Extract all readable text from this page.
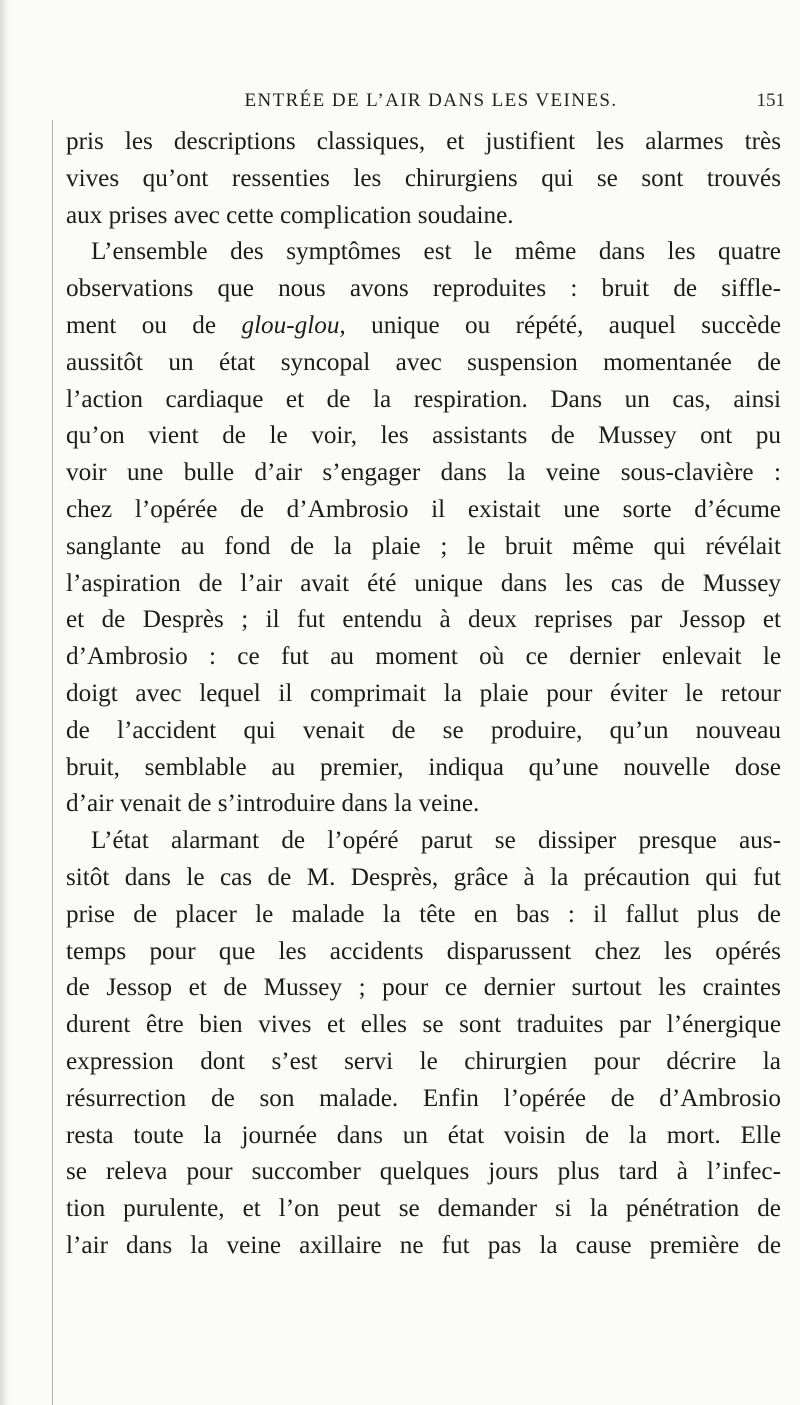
ENTRÉE DE L’AIR DANS LES VEINES.	151
pris les descriptions classiques, et justifient les alarmes très
vives qu’ont ressenties les chirurgiens qui se sont trouvés
aux prises avec cette complication soudaine.
L’ensemble des symptômes est le même dans les quatre
observations que nous avons reproduites : bruit de siffle-
ment ou de glou-glou, unique ou répété, auquel succède
aussitôt un état syncopal avec suspension momentanée de
l’action cardiaque et de la respiration. Dans un cas, ainsi
qu’on vient de le voir, les assistants de Mussey ont pu
voir une bulle d’air s’engager dans la veine sous-clavière :
chez l’opérée de d’Ambrosio il existait une sorte d’écume
sanglante au fond de la plaie ; le bruit même qui révélait
l’aspiration de l’air avait été unique dans les cas de Mussey
et de Desprès ; il fut entendu à deux reprises par Jessop et
d’Ambrosio : ce fut au moment où ce dernier enlevait le
doigt avec lequel il comprimait la plaie pour éviter le retour
de l’accident qui venait de se produire, qu’un nouveau
bruit, semblable au premier, indiqua qu’une nouvelle dose
d’air venait de s’introduire dans la veine.
L’état alarmant de l’opéré parut se dissiper presque aus-
sitôt dans le cas de M. Desprès, grâce à la précaution qui fut
prise de placer le malade la tête en bas : il fallut plus de
temps pour que les accidents disparussent chez les opérés
de Jessop et de Mussey ; pour ce dernier surtout les craintes
durent être bien vives et elles se sont traduites par l’énergique
expression dont s’est servi le chirurgien pour décrire la
résurrection de son malade. Enfin l’opérée de d’Ambrosio
resta toute la journée dans un état voisin de la mort. Elle
se releva pour succomber quelques jours plus tard à l’infec-
tion purulente, et l’on peut se demander si la pénétration de
l’air dans la veine axillaire ne fut pas la cause première de
